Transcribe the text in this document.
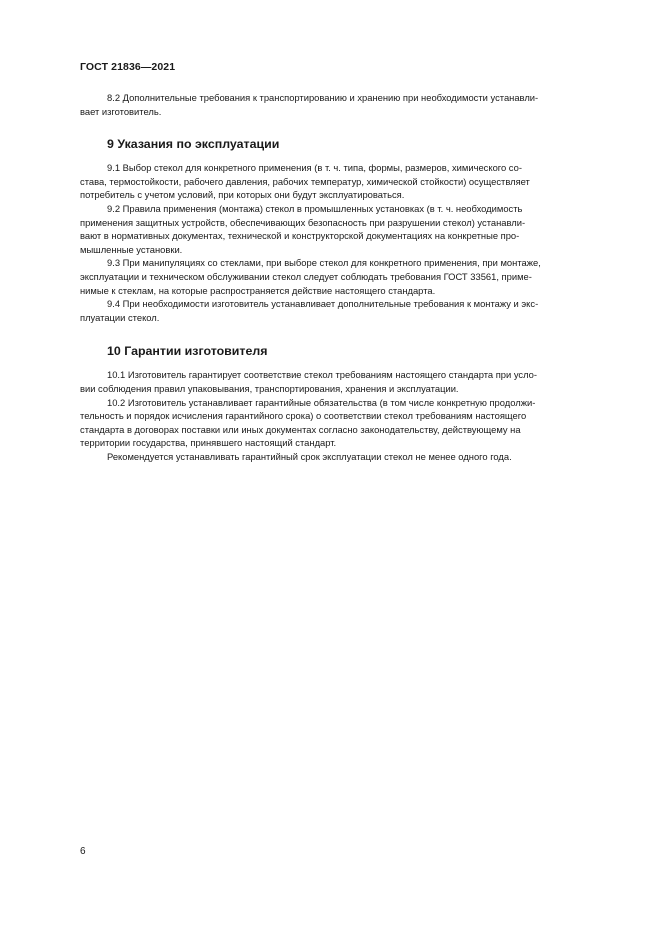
ГОСТ 21836—2021

8.2 Дополнительные требования к транспортированию и хранению при необходимости устанавли-
вает изготовитель.

9 Указания по эксплуатации

9.1 Выбор стекол для конкретного применения (в т. ч. типа, формы, размеров, химического со-
става, термостойкости, рабочего давления, рабочих температур, химической стойкости) осуществляет
потребитель с учетом условий, при которых они будут эксплуатироваться.

9.2 Правила применения (монтажа) стекол в промышленных установках (в т. ч. необходимость
применения защитных устройств, обеспечивающих безопасность при разрушении стекол) устанавли-
вают в нормативных документах, технической и конструкторской документациях на конкретные про-
мышленные установки.

9.3 При манипуляциях со стеклами, при выборе стекол для конкретного применения, при монтаже,
эксплуатации и техническом обслуживании стекол следует соблюдать требования ГОСТ 33561, приме-
нимые к стеклам, на которые распространяется действие настоящего стандарта.

9.4 При необходимости изготовитель устанавливает дополнительные требования к монтажу и экс-
плуатации стекол.

10 Гарантии изготовителя

10.1 Изготовитель гарантирует соответствие стекол требованиям настоящего стандарта при усло-
вии соблюдения правил упаковывания, транспортирования, хранения и эксплуатации.

10.2 Изготовитель устанавливает гарантийные обязательства (в том числе конкретную продолжи-
тельность и порядок исчисления гарантийного срока) о соответствии стекол требованиям настоящего
стандарта в договорах поставки или иных документах согласно законодательству, действующему на
территории государства, принявшего настоящий стандарт.

Рекомендуется устанавливать гарантийный срок эксплуатации стекол не менее одного года.

6
